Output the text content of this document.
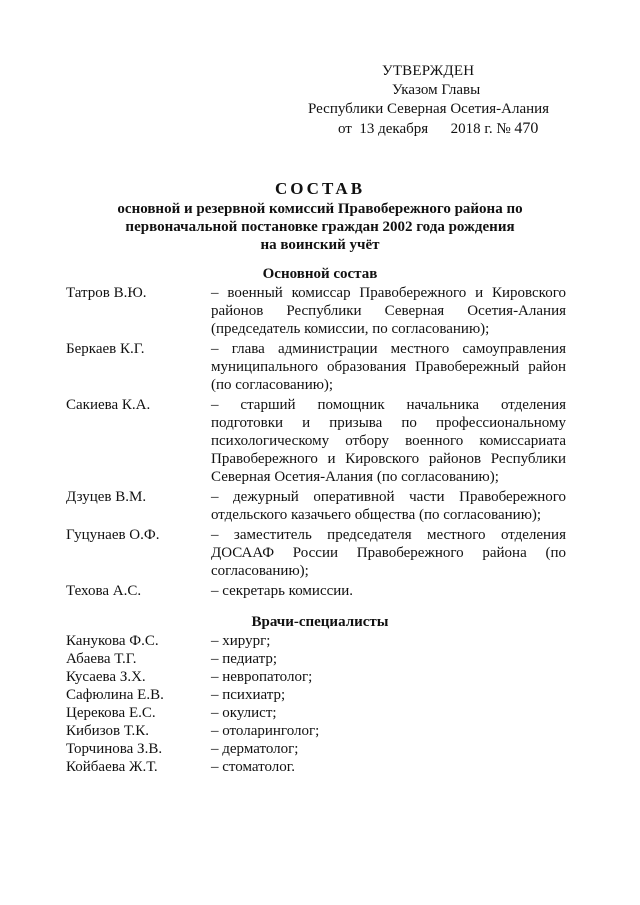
УТВЕРЖДЕН
Указом Главы
Республики Северная Осетия-Алания
от  13 декабря      2018 г. № 470
СОСТАВ
основной и резервной комиссий Правобережного района по
первоначальной постановке граждан 2002 года рождения
на воинский учёт
Основной состав
Татров В.Ю.	– военный комиссар Правобережного и Кировского районов Республики Северная Осетия-Алания (председатель комиссии, по согласованию);
Беркаев К.Г.	– глава администрации местного самоуправления муниципального образования Правобережный район (по согласованию);
Сакиева К.А.	– старший помощник начальника отделения подготовки и призыва по профессиональному психологическому отбору военного комиссариата Правобережного и Кировского районов Республики Северная Осетия-Алания (по согласованию);
Дзуцев В.М.	– дежурный оперативной части Правобережного отдельского казачьего общества (по согласованию);
Гуцунаев О.Ф.	– заместитель председателя местного отделения ДОСААФ России Правобережного района (по согласованию);
Техова А.С.	– секретарь комиссии.
Врачи-специалисты
Канукова Ф.С.	– хирург;
Абаева Т.Г.	– педиатр;
Кусаева З.Х.	– невропатолог;
Сафюлина Е.В.	– психиатр;
Церекова Е.С.	– окулист;
Кибизов Т.К.	– отоларинголог;
Торчинова З.В.	– дерматолог;
Койбаева Ж.Т.	– стоматолог.
